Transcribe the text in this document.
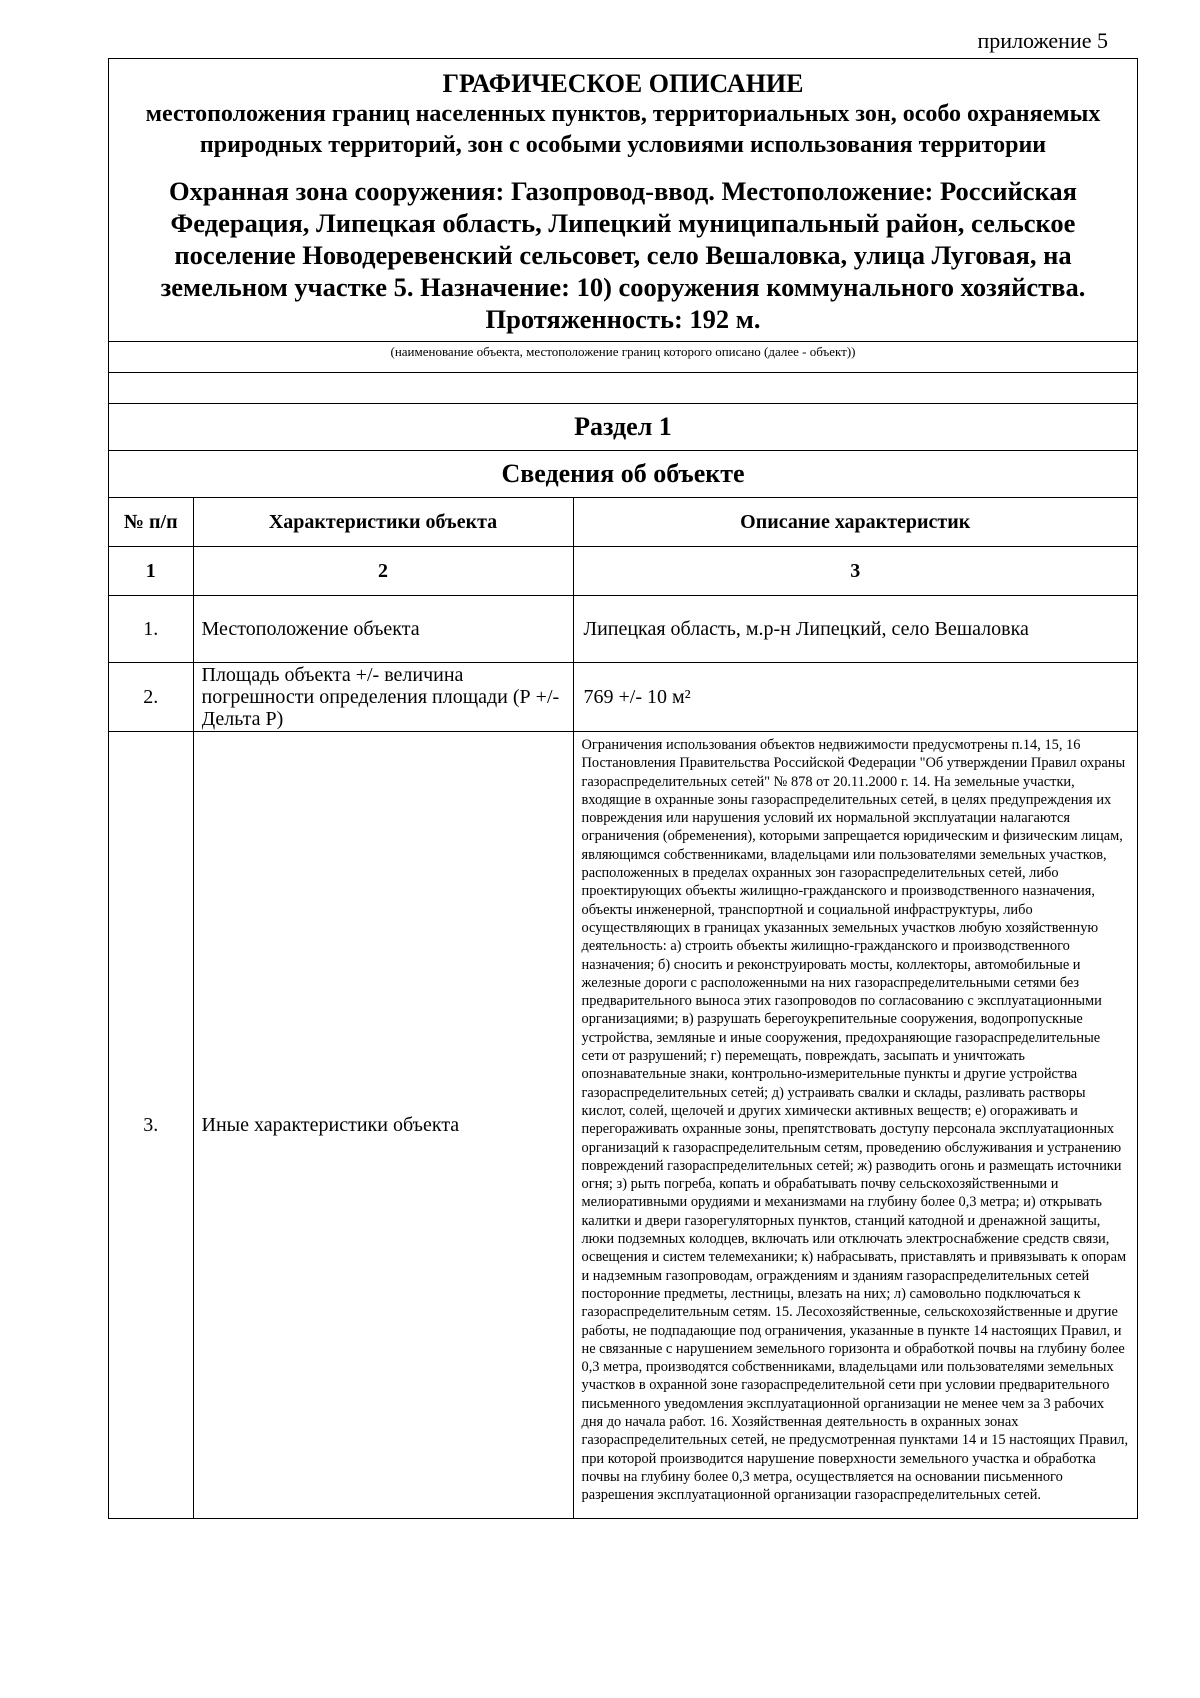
приложение 5

ГРАФИЧЕСКОЕ ОПИСАНИЕ

местоположения границ населенных пунктов, территориальных зон, особо охраняемых природных территорий, зон с особыми условиями использования территории

Охранная зона сооружения: Газопровод-ввод. Местоположение: Российская Федерация, Липецкая область, Липецкий муниципальный район, сельское поселение Новодеревенский сельсовет, село Вешаловка, улица Луговая, на земельном участке 5. Назначение: 10) сооружения коммунального хозяйства. Протяженность: 192 м.

(наименование объекта, местоположение границ которого описано (далее - объект))
Раздел 1
Сведения об объекте
№ п/п	Характеристики объекта	Описание характеристик
1	2	3
1.	Местоположение объекта	Липецкая область, м.р-н Липецкий, село Вешаловка
2.	Площадь объекта +/- величина погрешности определения площади (Р +/- Дельта Р)	769 +/- 10 м²
3.	Иные характеристики объекта	Ограничения использования объектов недвижимости предусмотрены п.14, 15, 16 Постановления Правительства Российской Федерации "Об утверждении Правил охраны газораспределительных сетей" № 878 от 20.11.2000 г. 14. На земельные участки, входящие в охранные зоны газораспределительных сетей, в целях предупреждения их повреждения или нарушения условий их нормальной эксплуатации налагаются ограничения (обременения), которыми запрещается юридическим и физическим лицам, являющимся собственниками, владельцами или пользователями земельных участков, расположенных в пределах охранных зон газораспределительных сетей, либо проектирующих объекты жилищно-гражданского и производственного назначения, объекты инженерной, транспортной и социальной инфраструктуры, либо осуществляющих в границах указанных земельных участков любую хозяйственную деятельность: а) строить объекты жилищно-гражданского и производственного назначения; б) сносить и реконструировать мосты, коллекторы, автомобильные и железные дороги с расположенными на них газораспределительными сетями без предварительного выноса этих газопроводов по согласованию с эксплуатационными организациями; в) разрушать берегоукрепительные сооружения, водопропускные устройства, земляные и иные сооружения, предохраняющие газораспределительные сети от разрушений; г) перемещать, повреждать, засыпать и уничтожать опознавательные знаки, контрольно-измерительные пункты и другие устройства газораспределительных сетей; д) устраивать свалки и склады, разливать растворы кислот, солей, щелочей и других химически активных веществ; е) огораживать и перегораживать охранные зоны, препятствовать доступу персонала эксплуатационных организаций к газораспределительным сетям, проведению обслуживания и устранению повреждений газораспределительных сетей; ж) разводить огонь и размещать источники огня; з) рыть погреба, копать и обрабатывать почву сельскохозяйственными и мелиоративными орудиями и механизмами на глубину более 0,3 метра; и) открывать калитки и двери газорегуляторных пунктов, станций катодной и дренажной защиты, люки подземных колодцев, включать или отключать электроснабжение средств связи, освещения и систем телемеханики; к) набрасывать, приставлять и привязывать к опорам и надземным газопроводам, ограждениям и зданиям газораспределительных сетей посторонние предметы, лестницы, влезать на них; л) самовольно подключаться к газораспределительным сетям. 15. Лесохозяйственные, сельскохозяйственные и другие работы, не подпадающие под ограничения, указанные в пункте 14 настоящих Правил, и не связанные с нарушением земельного горизонта и обработкой почвы на глубину более 0,3 метра, производятся собственниками, владельцами или пользователями земельных участков в охранной зоне газораспределительной сети при условии предварительного письменного уведомления эксплуатационной организации не менее чем за 3 рабочих дня до начала работ. 16. Хозяйственная деятельность в охранных зонах газораспределительных сетей, не предусмотренная пунктами 14 и 15 настоящих Правил, при которой производится нарушение поверхности земельного участка и обработка почвы на глубину более 0,3 метра, осуществляется на основании письменного разрешения эксплуатационной организации газораспределительных сетей.
